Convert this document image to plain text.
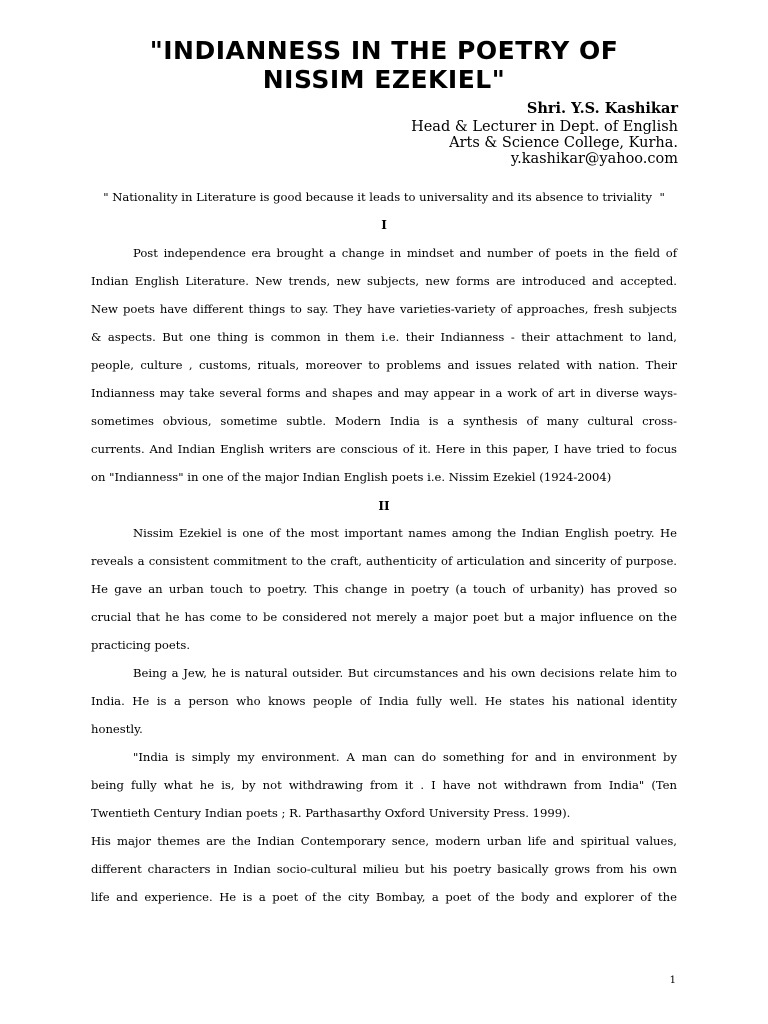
"INDIANNESS IN THE POETRY OF
NISSIM EZEKIEL"
Shri. Y.S. Kashikar
Head & Lecturer in Dept. of English
Arts & Science College, Kurha.
y.kashikar@yahoo.com
" Nationality in Literature is good because it leads to universality and its absence to triviality  "
I
Post independence era brought a change in mindset and number of poets in the field of
Indian English Literature. New trends, new subjects, new forms are introduced and accepted.
New poets have different things to say. They have varieties-variety of approaches, fresh subjects
& aspects. But one thing is common in them i.e. their Indianness - their attachment to land,
people, culture , customs, rituals, moreover to problems and issues related with nation. Their
Indianness may take several forms and shapes and may appear in a work of art in diverse ways-
sometimes obvious, sometime subtle. Modern India is a synthesis of many cultural cross-
currents. And Indian English writers are conscious of it. Here in this paper, I have tried to focus
on "Indianness" in one of the major Indian English poets i.e. Nissim Ezekiel (1924-2004)
II
Nissim Ezekiel is one of the most important names among the Indian English poetry. He
reveals a consistent commitment to the craft, authenticity of articulation and sincerity of purpose.
He gave an urban touch to poetry. This change in poetry (a touch of urbanity) has proved so
crucial that he has come to be considered not merely a major poet but a major influence on the
practicing poets.
Being a Jew, he is natural outsider. But circumstances and his own decisions relate him to
India. He is a person who knows people of India fully well. He states his national identity
honestly.
"India is simply my environment. A man can do something for and in environment by
being fully what he is, by not withdrawing from it . I have not withdrawn from India" (Ten
Twentieth Century Indian poets ; R. Parthasarthy Oxford University Press. 1999).
His major themes are the Indian Contemporary sence, modern urban life and spiritual values,
different characters in Indian socio-cultural milieu but his poetry basically grows from his own
life and experience. He is a poet of the city Bombay, a poet of the body and explorer of the
1
